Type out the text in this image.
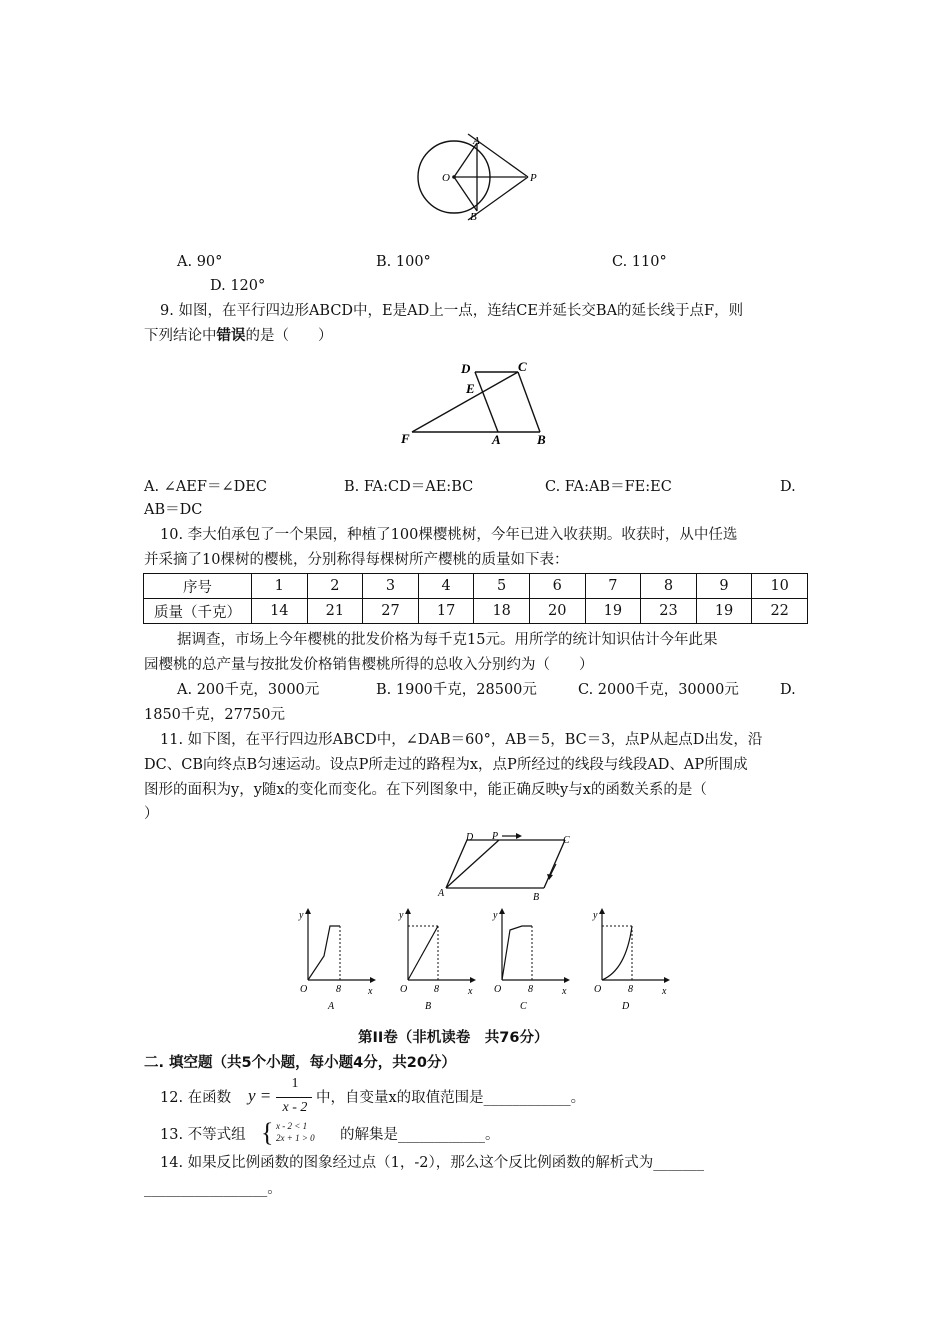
A
B
O	P
A. 90°	B. 100°	C. 110°
D. 120°
9. 如图，在平行四边形ABCD中，E是AD上一点，连结CE并延长交BA的延长线于点F，则
下列结论中错误的是（　　）
D	C
E
F	A	B
A. ∠AEF＝∠DEC	B. FA:CD＝AE:BC	C. FA:AB＝FE:EC	D.
AB＝DC
10. 李大伯承包了一个果园，种植了100棵樱桃树，今年已进入收获期。收获时，从中任选
并采摘了10棵树的樱桃，分别称得每棵树所产樱桃的质量如下表：
序号	1	2	3	4	5	6	7	8	9	10
质量（千克）	14	21	27	17	18	20	19	23	19	22
据调查，市场上今年樱桃的批发价格为每千克15元。用所学的统计知识估计今年此果
园樱桃的总产量与按批发价格销售樱桃所得的总收入分别约为（　　）
A. 200千克，3000元	B. 1900千克，28500元	C. 2000千克，30000元	D.
1850千克，27750元
11. 如下图，在平行四边形ABCD中，∠DAB＝60°，AB＝5，BC＝3，点P从起点D出发，沿
DC、CB向终点B匀速运动。设点P所走过的路程为x，点P所经过的线段与线段AD、AP所围成
图形的面积为y，y随x的变化而变化。在下列图象中，能正确反映y与x的函数关系的是（
）
D P	C
A	B
y
x
O	8
A
y
x
O	8
B
y
x
O	8
C
y
x
O	8
D
第II卷（非机读卷　共76分）
二. 填空题（共5个小题，每小题4分，共20分）
12. 在函数 y =
1
x - 2
中，自变量x的取值范围是____________。
13. 不等式组 { x - 2 < 1
2x + 1 > 0 的解集是____________。
14. 如果反比例函数的图象经过点（1，-2），那么这个反比例函数的解析式为_______
_________________。
